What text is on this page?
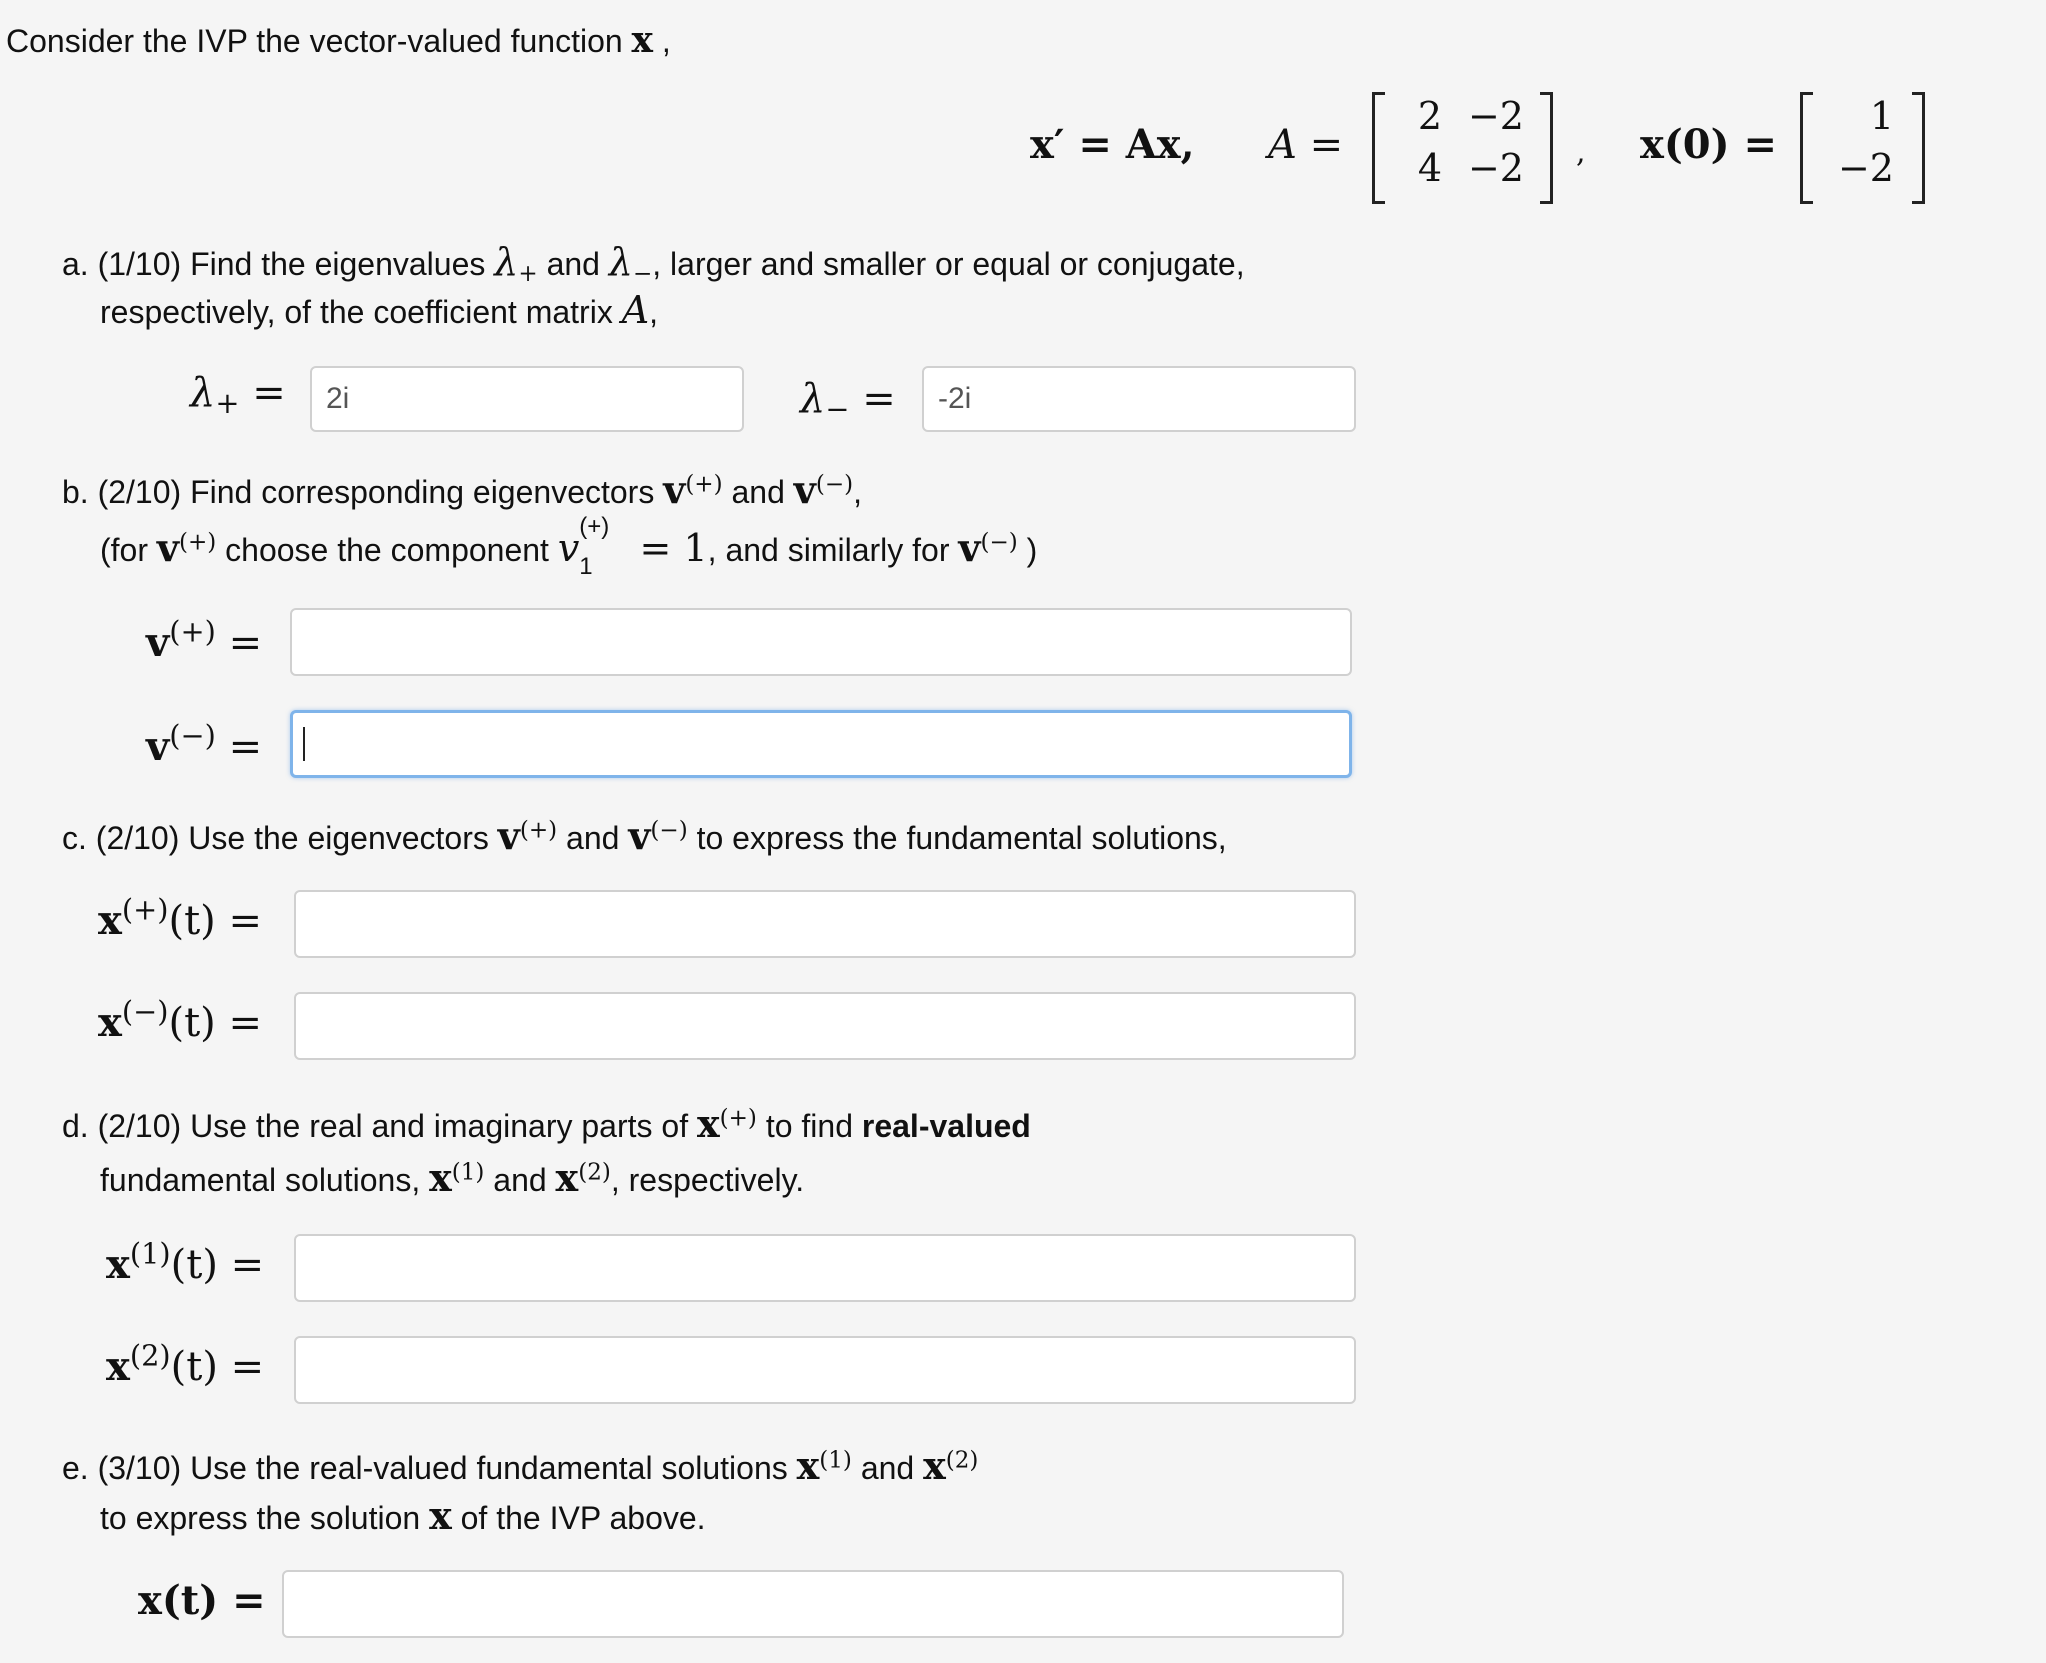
Consider the IVP the vector-valued function x ,
x′ = Ax, A =
2 −2
4 −2 , x(0) =
1
−2
a. (1/10) Find the eigenvalues $\lambda_+$ and $\lambda_-$, larger and smaller or equal or conjugate,
respectively, of the coefficient matrix A,
$\lambda_+ = 2i$	$\lambda_- = -2i$
b. (2/10) Find corresponding eigenvectors v(+) and v(−),
(for v(+) choose the component v (+)
1 = 1, and similarly for v(−) )
v(+) =
v(−) =
c. (2/10) Use the eigenvectors v(+) and v(−) to express the fundamental solutions,
x(+)(t) =
x(−)(t) =
d. (2/10) Use the real and imaginary parts of x(+) to find real-valued
fundamental solutions, $x^{(1)}$ and $x^{(2)}$, respectively.
$x^{(1)}(t)$ =
$x^{(2)}(t)$ =
e. (3/10) Use the real-valued fundamental solutions $x^{(1)}$ and $x^{(2)}$
to express the solution x of the IVP above.
x(t) =
